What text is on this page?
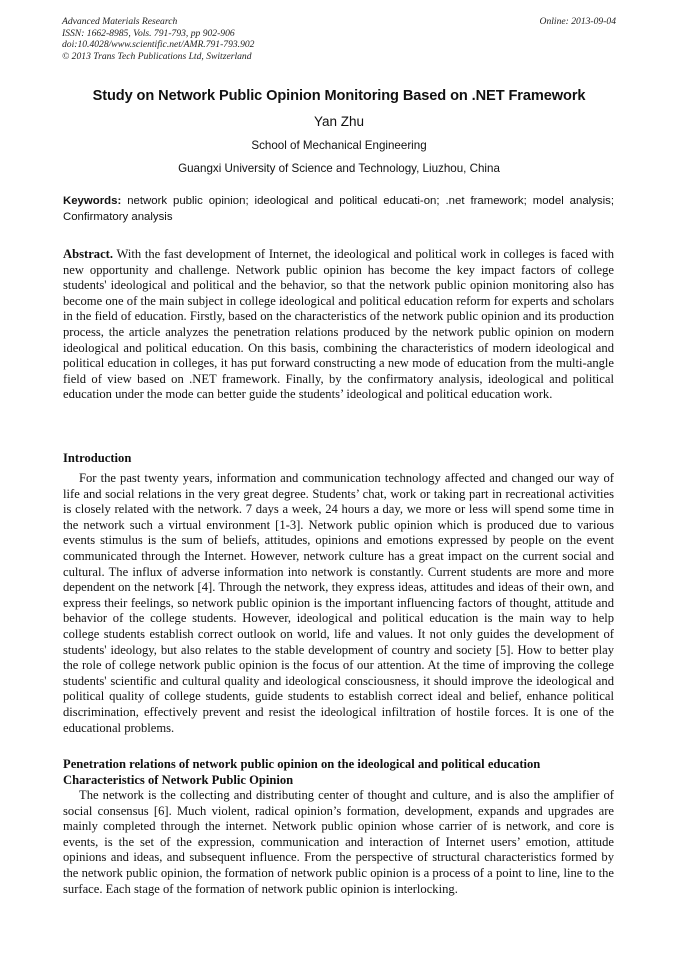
Advanced Materials Research
ISSN: 1662-8985, Vols. 791-793, pp 902-906
doi:10.4028/www.scientific.net/AMR.791-793.902
© 2013 Trans Tech Publications Ltd, Switzerland
Online: 2013-09-04
Study on Network Public Opinion Monitoring Based on .NET Framework
Yan Zhu
School of Mechanical Engineering
Guangxi University of Science and Technology, Liuzhou, China
Keywords: network public opinion; ideological and political educati-on; .net framework; model analysis; Confirmatory analysis
Abstract. With the fast development of Internet, the ideological and political work in colleges is faced with new opportunity and challenge. Network public opinion has become the key impact factors of college students' ideological and political and the behavior, so that the network public opinion monitoring also has become one of the main subject in college ideological and political education reform for experts and scholars in the field of education. Firstly, based on the characteristics of the network public opinion and its production process, the article analyzes the penetration relations produced by the network public opinion on modern ideological and political education. On this basis, combining the characteristics of modern ideological and political education in colleges, it has put forward constructing a new mode of education from the multi-angle field of view based on .NET framework. Finally, by the confirmatory analysis, ideological and political education under the mode can better guide the students’ ideological and political education work.
Introduction
For the past twenty years, information and communication technology affected and changed our way of life and social relations in the very great degree. Students’ chat, work or taking part in recreational activities is closely related with the network. 7 days a week, 24 hours a day, we more or less will spend some time in the network such a virtual environment [1-3]. Network public opinion which is produced due to various events stimulus is the sum of beliefs, attitudes, opinions and emotions expressed by people on the event communicated through the Internet. However, network culture has a great impact on the current social and cultural. The influx of adverse information into network is constantly. Current students are more and more dependent on the network [4]. Through the network, they express ideas, attitudes and ideas of their own, and express their feelings, so network public opinion is the important influencing factors of thought, attitude and behavior of the college students. However, ideological and political education is the main way to help college students establish correct outlook on world, life and values. It not only guides the development of students' ideology, but also relates to the stable development of country and society [5]. How to better play the role of college network public opinion is the focus of our attention. At the time of improving the college students' scientific and cultural quality and ideological consciousness, it should improve the ideological and political quality of college students, guide students to establish correct ideal and belief, enhance political discrimination, effectively prevent and resist the ideological infiltration of hostile forces. It is one of the educational problems.
Penetration relations of network public opinion on the ideological and political education
Characteristics of Network Public Opinion
The network is the collecting and distributing center of thought and culture, and is also the amplifier of social consensus [6]. Much violent, radical opinion’s formation, development, expands and upgrades are mainly completed through the internet. Network public opinion whose carrier of is network, and core is events, is the set of the expression, communication and interaction of Internet users’ emotion, attitude opinions and ideas, and subsequent influence. From the perspective of structural characteristics formed by the network public opinion, the formation of network public opinion is a process of a point to line, line to the surface. Each stage of the formation of network public opinion is interlocking.
